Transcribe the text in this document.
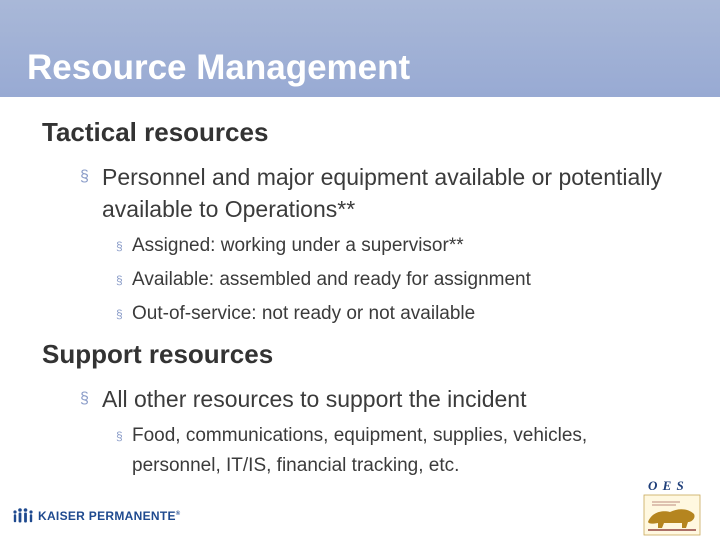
Resource Management
Tactical resources
§ Personnel and major equipment available or potentially available to Operations**
§ Assigned: working under a supervisor**
§ Available: assembled and ready for assignment
§ Out-of-service: not ready or not available
Support resources
§ All other resources to support the incident
§ Food, communications, equipment, supplies, vehicles, personnel, IT/IS, financial tracking, etc.
KAISER PERMANENTE®
O E S
